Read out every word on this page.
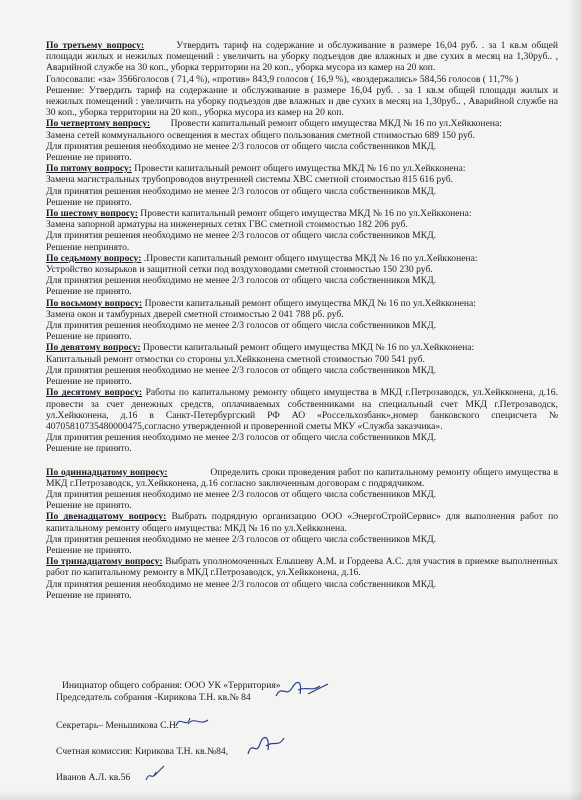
По третьему вопросу:	Утвердить тариф на содержание и обслуживание в размере 16,04 руб. . за 1 кв.м общей площади жилых и нежилых помещений : увеличить на уборку подъездов две влажных и две сухих в месяц на 1,30руб.. , Аварийной службе на 30 коп., уборка территории на 20 коп., уборка мусора из камер на 20 коп.

Голосовали: «за» 3566голосов ( 71,4 %), «против» 843,9 голосов ( 16,9 %), «воздержались» 584,56 голосов ( 11,7% )

Решение: Утвердить тариф на содержание и обслуживание в размере 16,04 руб. . за 1 кв.м общей площади жилых и нежилых помещений : увеличить на уборку подъездов две влажных и две сухих в месяц на 1,30руб.. , Аварийной службе на 30 коп., уборка территории на 20 коп., уборка мусора из камер на 20 коп.

По четвертому вопросу: Провести капитальный ремонт общего имущества МКД № 16 по ул.Хейкконена:

Замена сетей коммунального освещения в местах общего пользования сметной стоимостью 689 150 руб.

Для принятия решения необходимо не менее 2/3 голосов от общего числа собственников МКД.

Решение не принято.

По пятому вопросу: Провести капитальный ремонт общего имущества МКД № 16 по ул.Хейкконена:

Замена магистральных трубопроводов внутренней системы ХВС сметной стоимостью 815 616 руб.

Для принятия решения необходимо не менее 2/3 голосов от общего числа собственников МКД.

Решение не принято.

По шестому вопросу: Провести капитальный ремонт общего имущества МКД № 16 по ул.Хейкконена:

Замена запорной арматуры на инженерных сетях ГВС сметной стоимостью 182 206 руб.

Для принятия решения необходимо не менее 2/3 голосов от общего числа собственников МКД.

Решение непринято.

По седьмому вопросу: .Провести капитальный ремонт общего имущества МКД № 16 по ул.Хейкконена:

Устройство козырьков и защитной сетки под воздуховодами сметной стоимостью 150 230 руб.

Для принятия решения необходимо не менее 2/3 голосов от общего числа собственников МКД.

Решение не принято.

По восьмому вопросу: Провести капитальный ремонт общего имущества МКД № 16 по ул.Хейкконена:

Замена окон и тамбурных дверей сметной стоимостью 2 041 788 рб. руб.

Для принятия решения необходимо не менее 2/3 голосов от общего числа собственников МКД.

Решение не принято.

По девятому вопросу: Провести капитальный ремонт общего имущества МКД № 16 по ул.Хейкконена:

Капитальный ремонт отмостки со стороны ул.Хейкконена сметной стоимостью 700 541 руб.

Для принятия решения необходимо не менее 2/3 голосов от общего числа собственников МКД.

Решение не принято.

По десятому вопросу: Работы по капитальному ремонту общего имущества в МКД г.Петрозаводск, ул.Хейкконена, д.16. провести за счет денежных средств, оплачиваемых собственниками на специальный счет МКД г.Петрозаводск, ул.Хейкконена, д.16 в Санкт-Петербургский РФ АО «Россельхозбанк»,номер банковского специсчета № 40705810735480000475,согласно утвержденной и проверенной сметы МКУ «Служба заказчика».

Для принятия решения необходимо не менее 2/3 голосов от общего числа собственников МКД.

Решение не принято.

По одиннадцатому вопросу:	Определить сроки проведения работ по капитальному ремонту общего имущества в МКД г.Петрозаводск, ул.Хейкконена, д.16 согласно заключенным договорам с подрядчиком.

Для принятия решения необходимо не менее 2/3 голосов от общего числа собственников МКД.

Решение не принято.

По двенадцатому вопросу: Выбрать подрядную организацию ООО «ЭнергоСтройСервис» для выполнения работ по капитальному ремонту общего имущества: МКД № 16 по ул.Хейкконена.

Для принятия решения необходимо не менее 2/3 голосов от общего числа собственников МКД.

Решение не принято.

По тринадцатому вопросу: Выбрать уполномоченных Елышеву А.М. и Гордеева А.С. для участия в приемке выполненных работ по капитальному ремонту в МКД г.Петрозаводск, ул.Хейкконена, д.16.

Для принятия решения необходимо не менее 2/3 голосов от общего числа собственников МКД.

Решение не принято.

Инициатор общего собрания: ООО УК «Территория»
Председатель собрания -Кирикова Т.Н. кв.№ 84
Секретарь– Меньшикова С.Н.
Счетная комиссия: Кирикова Т.Н. кв.№84,
Иванов А.Л. кв.56
